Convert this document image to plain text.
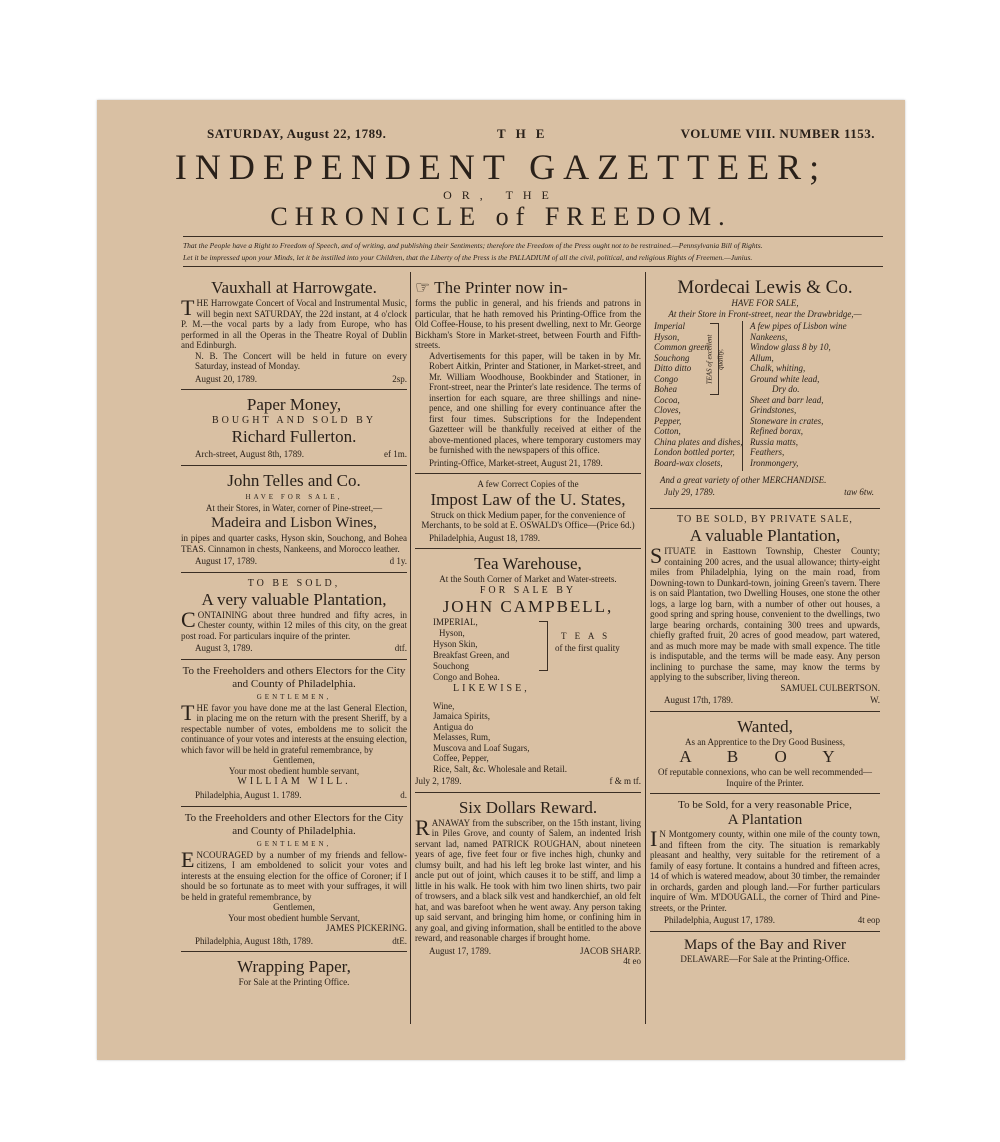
SATURDAY, August 22, 1789.	THE	VOLUME VIII. NUMBER 1153.
INDEPENDENT GAZETTEER;
OR, THE
CHRONICLE of FREEDOM.
That the People have a Right to Freedom of Speech, and of writing, and publishing their Sentiments; therefore the Freedom of the Press ought not to be restrained.—Pennsylvania Bill of Rights.
Let it be impressed upon your Minds, let it be instilled into your Children, that the Liberty of the Press is the PALLADIUM of all the civil, political, and religious Rights of Freemen.—Junius.
Vauxhall at Harrowgate.
THE Harrowgate Concert of Vocal and Instrumental Music, will begin next SATURDAY, the 22d instant, at 4 o'clock P. M.—the vocal parts by a lady from Europe, who has performed in all the Operas in the Theatre Royal of Dublin and Edinburgh.
N. B. The Concert will be held in future on every Saturday, instead of Monday.
August 20, 1789.	2sp.
Paper Money,
BOUGHT AND SOLD BY
Richard Fullerton.
Arch-street, August 8th, 1789.	ef 1m.
John Telles and Co.
HAVE FOR SALE,
At their Stores, in Water, corner of Pine-street,—
Madeira and Lisbon Wines,
in pipes and quarter casks, Hyson skin, Souchong, and Bohea TEAS. Cinnamon in chests, Nankeens, and Morocco leather.
August 17, 1789.	d 1y.
TO BE SOLD,
A very valuable Plantation,
CONTAINING about three hundred and fifty acres, in Chester county, within 12 miles of this city, on the great post road. For particulars inquire of the printer.
August 3, 1789.	dtf.
To the Freeholders and others Electors for the City and County of Philadelphia.
GENTLEMEN,
THE favor you have done me at the last General Election, in placing me on the return with the present Sheriff, by a respectable number of votes, emboldens me to solicit the continuance of your votes and interests at the ensuing election, which favor will be held in grateful remembrance, by
Gentlemen,
Your most obedient humble servant,
WILLIAM WILL.
Philadelphia, August 1. 1789.	d.
To the Freeholders and other Electors for the City and County of Philadelphia.
GENTLEMEN,
ENCOURAGED by a number of my friends and fellow-citizens, I am emboldened to solicit your votes and interests at the ensuing election for the office of Coroner; if I should be so fortunate as to meet with your suffrages, it will be held in grateful remembrance, by
Gentlemen,
Your most obedient humble Servant,
JAMES PICKERING.
Philadelphia, August 18th, 1789.	dtE.
Wrapping Paper,
For Sale at the Printing Office.
☞ The Printer now in-
forms the public in general, and his friends and patrons in particular, that he hath removed his Printing-Office from the Old Coffee-House, to his present dwelling, next to Mr. George Bickham's Store in Market-street, between Fourth and Fifth-streets.
Advertisements for this paper, will be taken in by Mr. Robert Aitkin, Printer and Stationer, in Market-street, and Mr. William Woodhouse, Bookbinder and Stationer, in Front-street, near the Printer's late residence. The terms of insertion for each square, are three shillings and nine-pence, and one shilling for every continuance after the first four times. Subscriptions for the Independent Gazetteer will be thankfully received at either of the above-mentioned places, where temporary customers may be furnished with the newspapers of this office.
Printing-Office, Market-street, August 21, 1789.
A few Correct Copies of the
Impost Law of the U. States,
Struck on thick Medium paper, for the convenience of Merchants, to be sold at E. OSWALD's Office—(Price 6d.)
Philadelphia, August 18, 1789.
Tea Warehouse,
At the South Corner of Market and Water-streets.
FOR SALE BY
JOHN CAMPBELL,
IMPERIAL,
Hyson,
Hyson Skin,
Breakfast Green, and
Souchong
T E A S
of the first quality
Congo and Bohea.
LIKEWISE,
Wine,
Jamaica Spirits,
Antigua do
Melasses, Rum,
Muscova and Loaf Sugars,
Coffee, Pepper,
Rice, Salt, &c. Wholesale and Retail.
July 2, 1789.	f & m tf.
Six Dollars Reward.
RANAWAY from the subscriber, on the 15th instant, living in Piles Grove, and county of Salem, an indented Irish servant lad, named PATRICK ROUGHAN, about nineteen years of age, five feet four or five inches high, chunky and clumsy built, and had his left leg broke last winter, and his ancle put out of joint, which causes it to be stiff, and limp a little in his walk. He took with him two linen shirts, two pair of trowsers, and a black silk vest and handkerchief, an old felt hat, and was barefoot when he went away. Any person taking up said servant, and bringing him home, or confining him in any goal, and giving information, shall be entitled to the above reward, and reasonable charges if brought home.
August 17, 1789.	JACOB SHARP.
4t eo
Mordecai Lewis & Co.
HAVE FOR SALE,
At their Store in Front-street, near the Drawbridge,—
Imperial
Hyson,
Common green
Souchong
Ditto ditto
Congo
Bohea
Cocoa,
Cloves,
Pepper,
Cotton,
China plates and dishes,
London bottled porter,
Board-wax closets,
TEAS of excellent quality,
A few pipes of Lisbon wine
Nankeens,
Window glass 8 by 10,
Allum,
Chalk, whiting,
Ground white lead,
Dry do.
Sheet and barr lead,
Grindstones,
Stoneware in crates,
Refined borax,
Russia matts,
Feathers,
Ironmongery,
And a great variety of other MERCHANDISE.
July 29, 1789.	taw 6tw.
TO BE SOLD, BY PRIVATE SALE,
A valuable Plantation,
SITUATE in Easttown Township, Chester County; containing 200 acres, and the usual allowance; thirty-eight miles from Philadelphia, lying on the main road, from Downing-town to Dunkard-town, joining Green's tavern. There is on said Plantation, two Dwelling Houses, one stone the other logs, a large log barn, with a number of other out houses, a good spring and spring house, convenient to the dwellings, two large bearing orchards, containing 300 trees and upwards, chiefly grafted fruit, 20 acres of good meadow, part watered, and as much more may be made with small expence. The title is indisputable, and the terms will be made easy. Any person inclining to purchase the same, may know the terms by applying to the subscriber, living thereon.
SAMUEL CULBERTSON.
August 17th, 1789.	W.
Wanted,
As an Apprentice to the Dry Good Business,
A B O Y
Of reputable connexions, who can be well recommended—Inquire of the Printer.
To be Sold, for a very reasonable Price,
A Plantation
IN Montgomery county, within one mile of the county town, and fifteen from the city. The situation is remarkably pleasant and healthy, very suitable for the retirement of a family of easy fortune. It contains a hundred and fifteen acres, 14 of which is watered meadow, about 30 timber, the remainder in orchards, garden and plough land.—For further particulars inquire of Wm. M'DOUGALL, the corner of Third and Pine-streets, or the Printer.
Philadelphia, August 17, 1789.	4t eop
Maps of the Bay and River
DELAWARE—For Sale at the Printing-Office.
